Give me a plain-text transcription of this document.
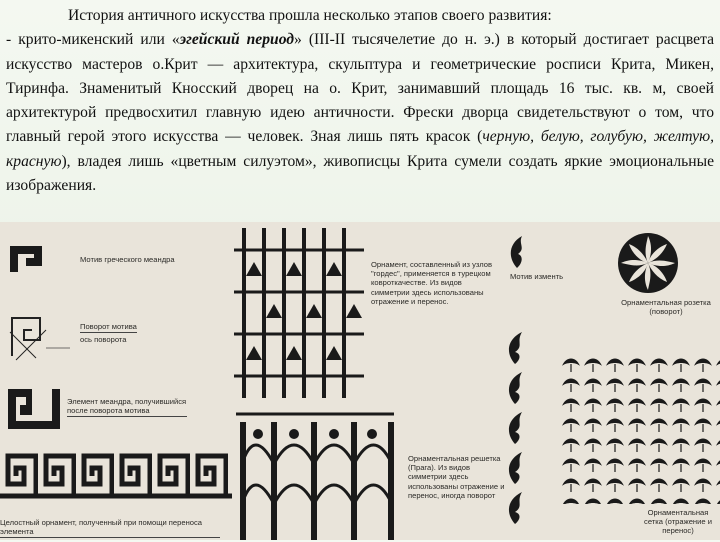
История античного искусства прошла несколько этапов своего развития:

- крито-микенский или «эгейский период» (III-II тысячелетие до н. э.) в который достигает расцвета искусство мастеров о.Крит — архитектура, скульптура и геометрические росписи Крита, Микен, Тиринфа. Знаменитый Кносский дворец на о. Крит, занимавший площадь 16 тыс. кв. м, своей архитектурой предвосхитил главную идею античности. Фрески дворца свидетельствуют о том, что главный герой этого искусства — человек. Зная лишь пять красок (черную, белую, голубую, желтую, красную), владея лишь «цветным силуэтом», живописцы Крита сумели создать яркие эмоциональные изображения.

Мотив греческого меандра
Поворот мотива
ось поворота
Элемент меандра, получившийся после поворота мотива
Целостный орнамент, полученный при помощи переноса элемента
Орнамент, составленный из узлов "гордес", применяется в турецком ковроткачестве. Из видов симметрии здесь использованы отражение и перенос.
Орнаментальная решетка (Прага). Из видов симметрии здесь использованы отражение и перенос, иногда поворот
Мотив изменть
Орнаментальная розетка (поворот)
Орнаментальная сетка (отражение и перенос)
